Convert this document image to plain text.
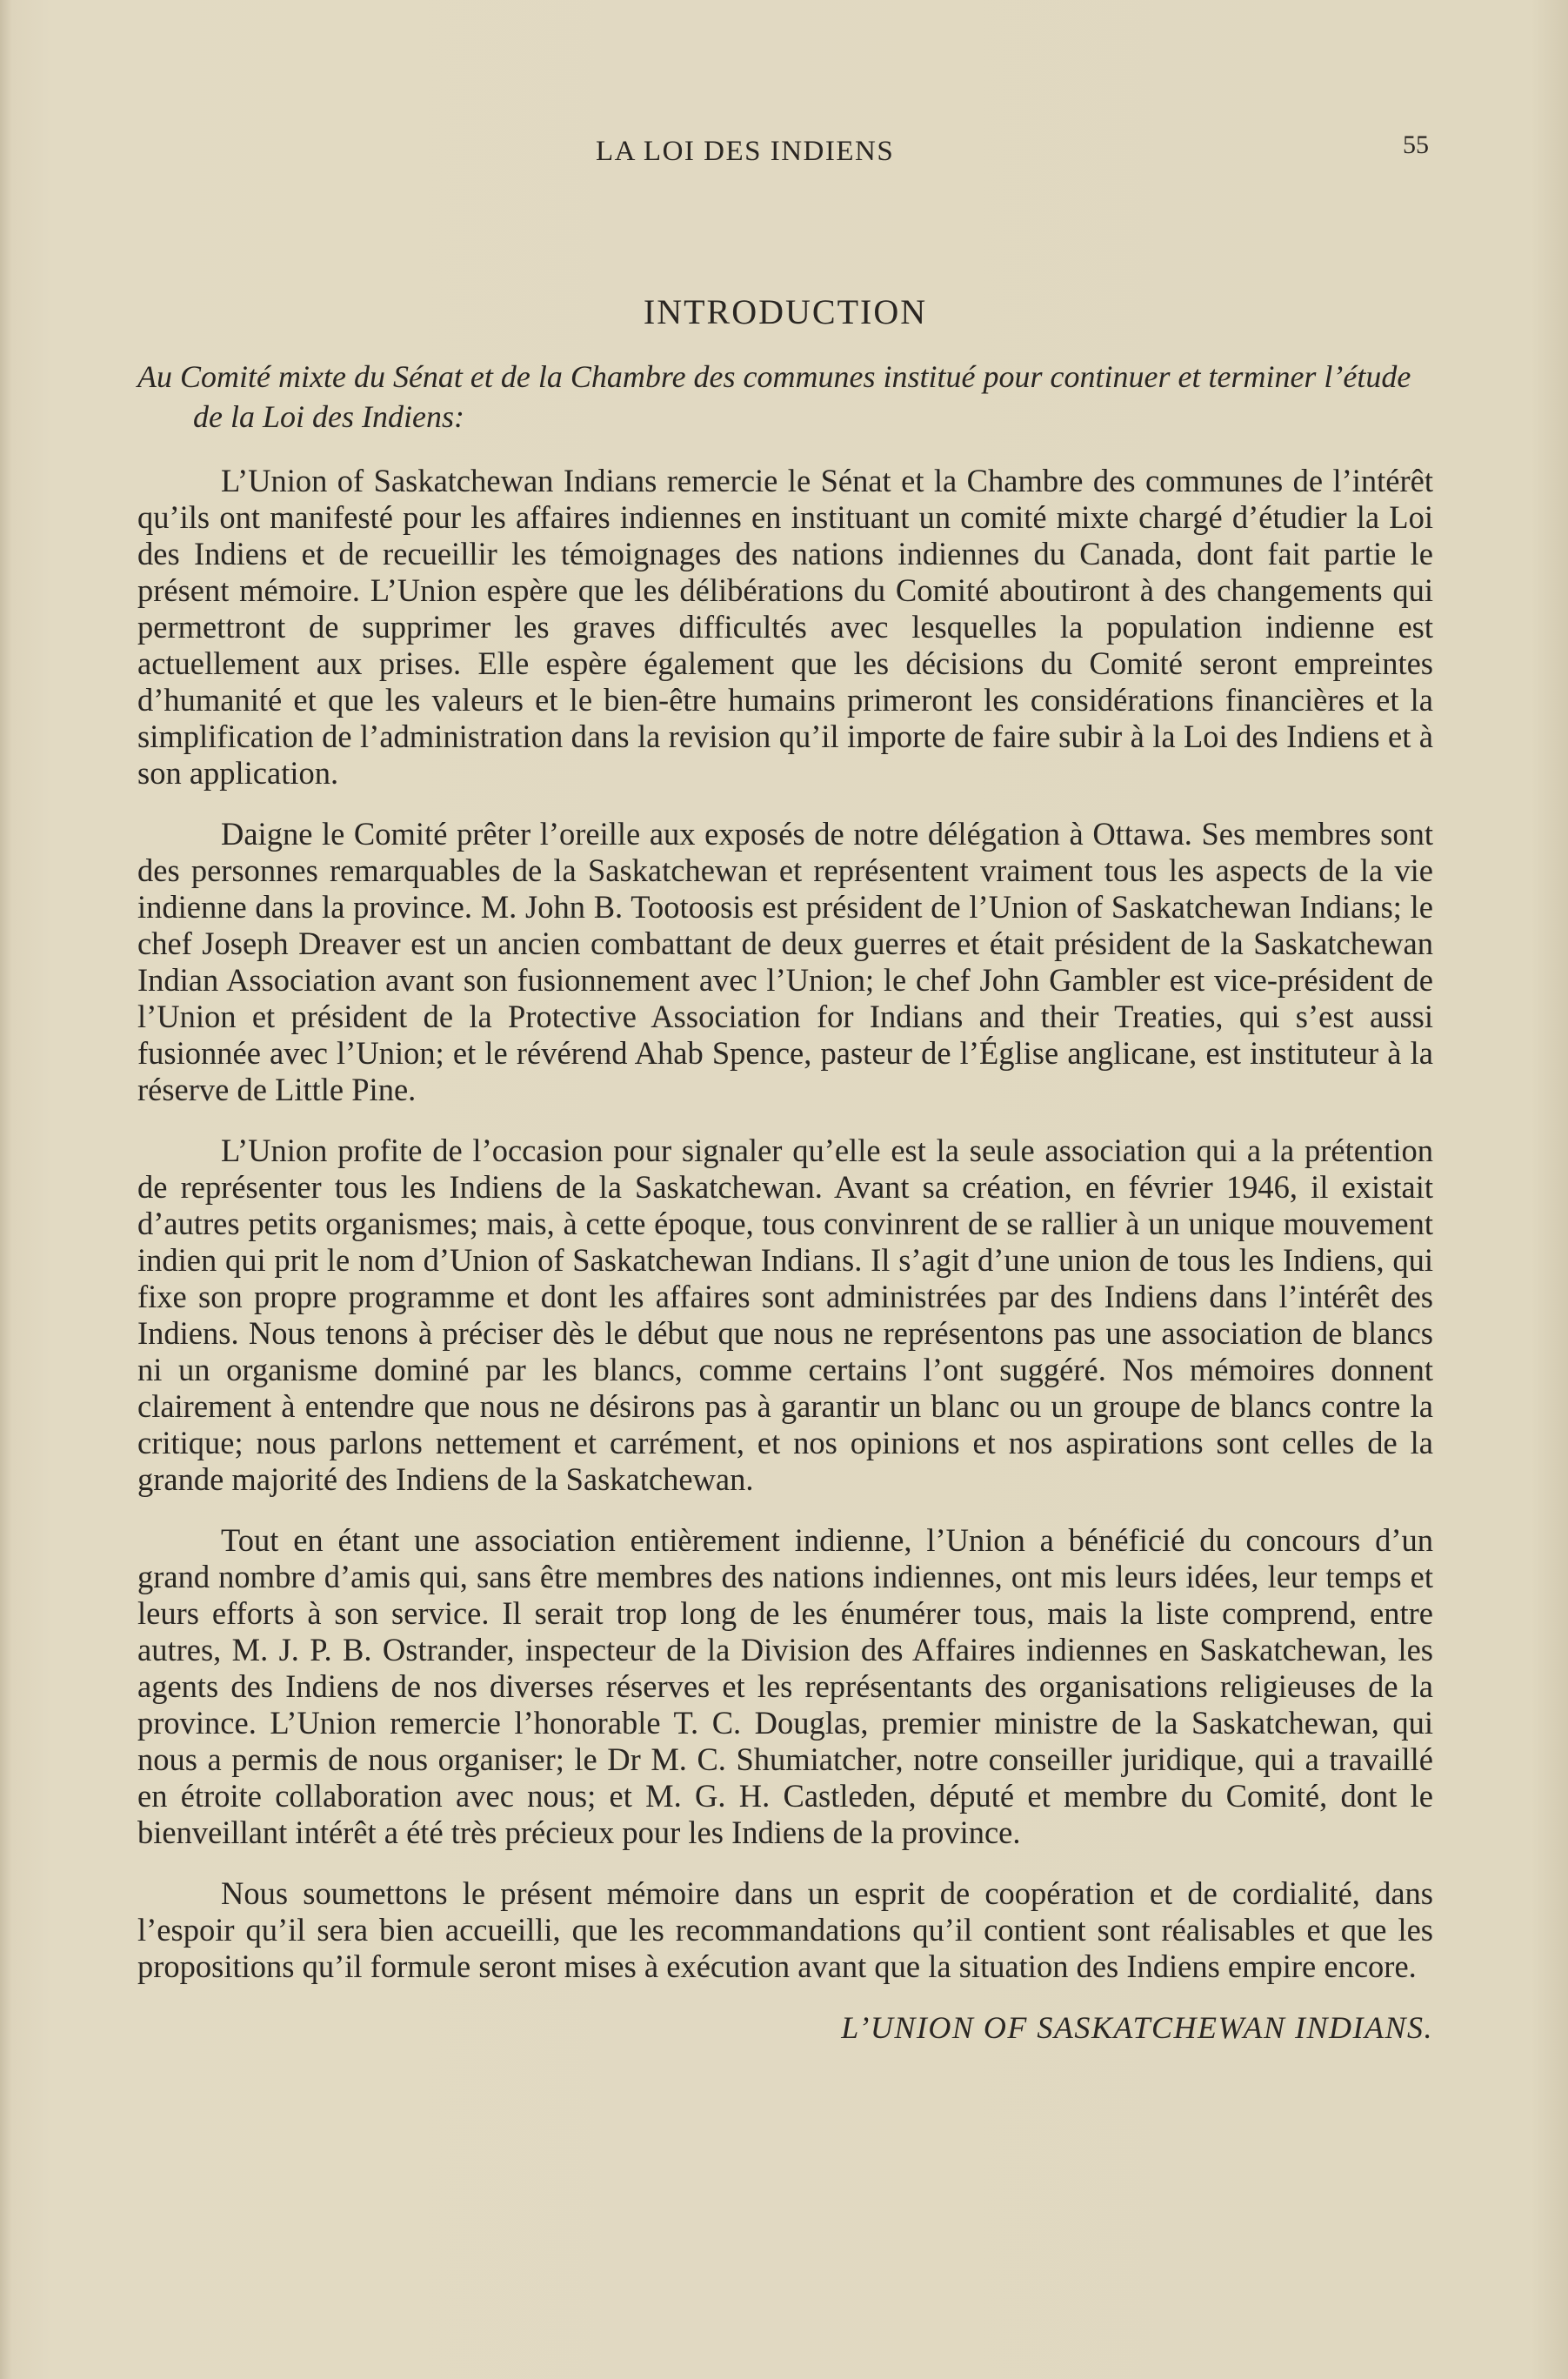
LA LOI DES INDIENS	55
INTRODUCTION
Au Comité mixte du Sénat et de la Chambre des communes institué pour continuer et terminer l’étude de la Loi des Indiens:

L’Union of Saskatchewan Indians remercie le Sénat et la Chambre des communes de l’intérêt qu’ils ont manifesté pour les affaires indiennes en instituant un comité mixte chargé d’étudier la Loi des Indiens et de recueillir les témoignages des nations indiennes du Canada, dont fait partie le présent mémoire. L’Union espère que les délibérations du Comité aboutiront à des changements qui permettront de supprimer les graves difficultés avec lesquelles la population indienne est actuellement aux prises. Elle espère également que les décisions du Comité seront empreintes d’humanité et que les valeurs et le bien-être humains primeront les considérations financières et la simplification de l’administration dans la revision qu’il importe de faire subir à la Loi des Indiens et à son application.

Daigne le Comité prêter l’oreille aux exposés de notre délégation à Ottawa. Ses membres sont des personnes remarquables de la Saskatchewan et représentent vraiment tous les aspects de la vie indienne dans la province. M. John B. Tootoosis est président de l’Union of Saskatchewan Indians; le chef Joseph Dreaver est un ancien combattant de deux guerres et était président de la Saskatchewan Indian Association avant son fusionnement avec l’Union; le chef John Gambler est vice-président de l’Union et président de la Protective Association for Indians and their Treaties, qui s’est aussi fusionnée avec l’Union; et le révérend Ahab Spence, pasteur de l’Église anglicane, est instituteur à la réserve de Little Pine.

L’Union profite de l’occasion pour signaler qu’elle est la seule association qui a la prétention de représenter tous les Indiens de la Saskatchewan. Avant sa création, en février 1946, il existait d’autres petits organismes; mais, à cette époque, tous convinrent de se rallier à un unique mouvement indien qui prit le nom d’Union of Saskatchewan Indians. Il s’agit d’une union de tous les Indiens, qui fixe son propre programme et dont les affaires sont administrées par des Indiens dans l’intérêt des Indiens. Nous tenons à préciser dès le début que nous ne représentons pas une association de blancs ni un organisme dominé par les blancs, comme certains l’ont suggéré. Nos mémoires donnent clairement à entendre que nous ne désirons pas à garantir un blanc ou un groupe de blancs contre la critique; nous parlons nettement et carrément, et nos opinions et nos aspirations sont celles de la grande majorité des Indiens de la Saskatchewan.

Tout en étant une association entièrement indienne, l’Union a bénéficié du concours d’un grand nombre d’amis qui, sans être membres des nations indiennes, ont mis leurs idées, leur temps et leurs efforts à son service. Il serait trop long de les énumérer tous, mais la liste comprend, entre autres, M. J. P. B. Ostrander, inspecteur de la Division des Affaires indiennes en Saskatchewan, les agents des Indiens de nos diverses réserves et les représentants des organisations religieuses de la province. L’Union remercie l’honorable T. C. Douglas, premier ministre de la Saskatchewan, qui nous a permis de nous organiser; le Dr M. C. Shumiatcher, notre conseiller juridique, qui a travaillé en étroite collaboration avec nous; et M. G. H. Castleden, député et membre du Comité, dont le bienveillant intérêt a été très précieux pour les Indiens de la province.

Nous soumettons le présent mémoire dans un esprit de coopération et de cordialité, dans l’espoir qu’il sera bien accueilli, que les recommandations qu’il contient sont réalisables et que les propositions qu’il formule seront mises à exécution avant que la situation des Indiens empire encore.

L’UNION OF SASKATCHEWAN INDIANS.
